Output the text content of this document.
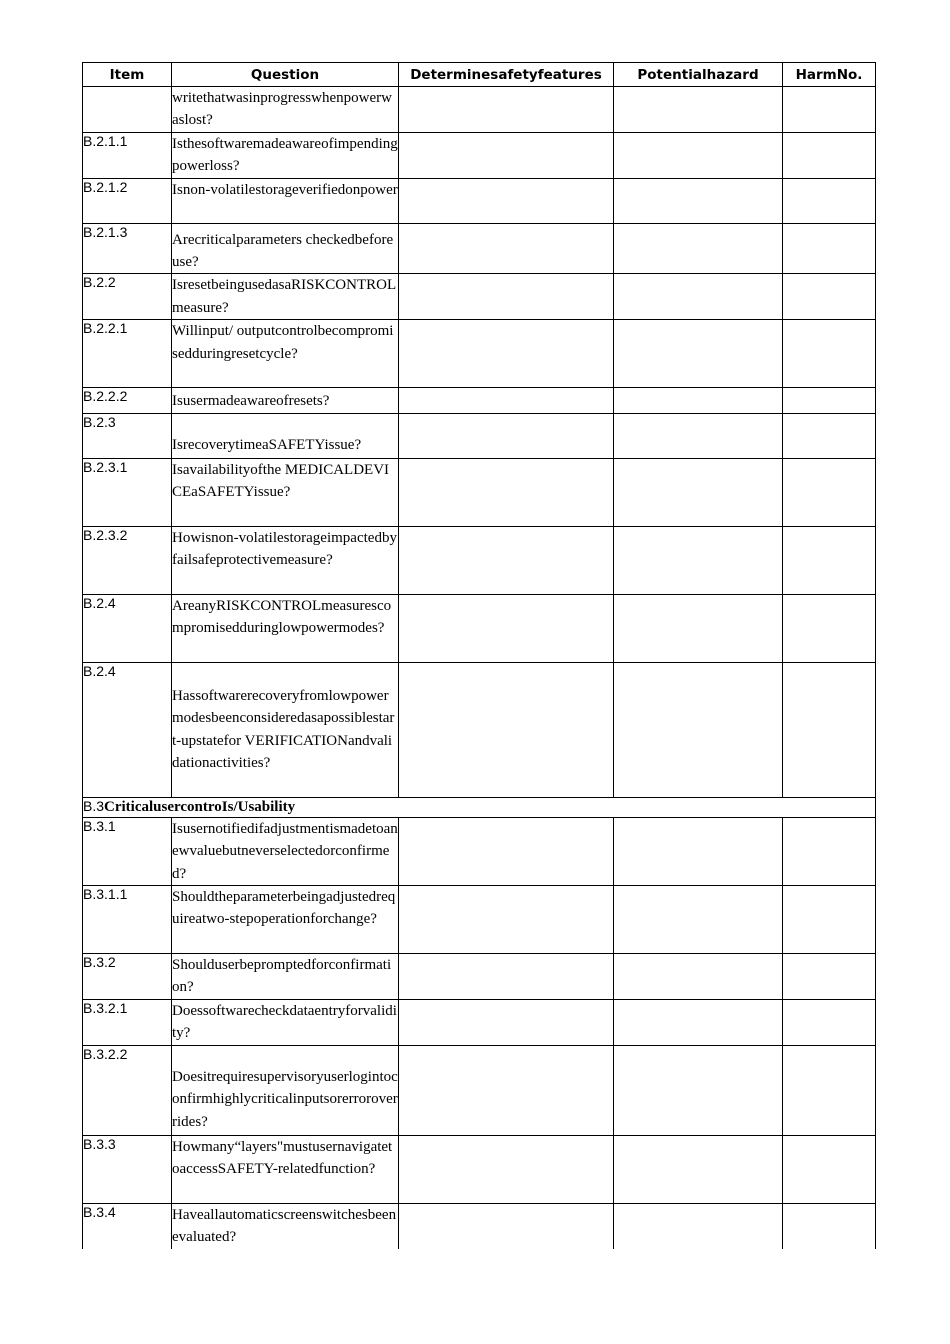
Item	Question	Determinesafetyfeatures	Potentialhazard	HarmNo.
	writethatwasinprogresswhenpowerwaslost?			
B.2.1.1	Isthesoftwaremadeawareofimpendingpowerloss?			
B.2.1.2	Isnon-volatilestorageverifiedonpower			
B.2.1.3	Arecriticalparameters checkedbeforeuse?			
B.2.2	IsresetbeingusedasaRISKCONTROLmeasure?			
B.2.2.1	Willinput/ outputcontrolbecompromisedduringresetcycle?			
B.2.2.2	Isusermadeawareofresets?			
B.2.3	IsrecoverytimeaSAFETYissue?			
B.2.3.1	Isavailabilityofthe MEDICALDEVICEaSAFETYissue?			
B.2.3.2	Howisnon-volatilestorageimpactedbyfailsafeprotectivemeasure?			
B.2.4	AreanyRISKCONTROLmeasurescompromisedduringlowpowermodes?			
B.2.4	Hassoftwarerecoveryfromlowpowermodesbeenconsideredasapossiblestart-upstatefor VERIFICATIONandvalidationactivities?			
B.3CriticalusercontroIs/Usability				
B.3.1	Isusernotifiedifadjustmentismadetoanewvaluebutneverselectedorconfirmed?			
B.3.1.1	Shouldtheparameterbeingadjustedrequireatwo-stepoperationforchange?			
B.3.2	Shoulduserbepromptedforconfirmation?			
B.3.2.1	Doessoftwarecheckdataentryforvalidity?			
B.3.2.2	Doesitrequiresupervisoryuserlogintoconfirmhighlycriticalinputsorerroroverrides?			
B.3.3	Howmany“layers"mustusernavigatetoaccessSAFETY-relatedfunction?			
B.3.4	Haveallautomaticscreenswitchesbeenevaluated?			
